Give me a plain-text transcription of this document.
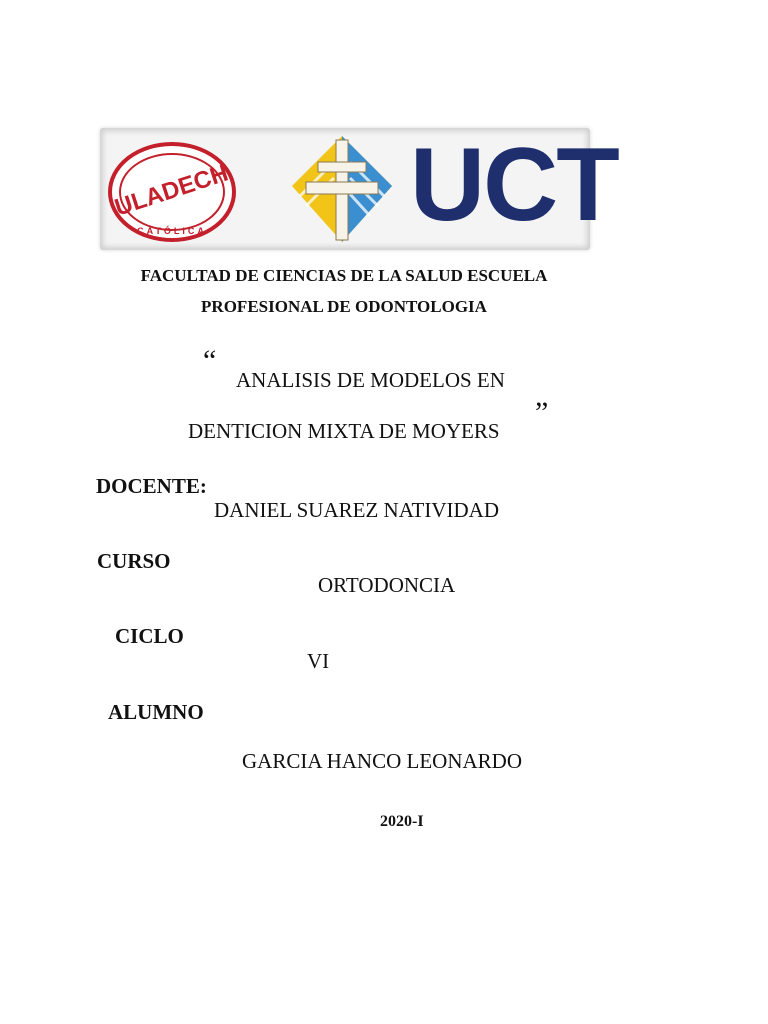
ULADECH
CATÓLICA UCT
FACULTAD DE CIENCIAS DE LA SALUD ESCUELA
PROFESIONAL DE ODONTOLOGIA
“
ANALISIS DE MODELOS EN
DENTICION MIXTA DE MOYERS
”
DOCENTE:
DANIEL SUAREZ NATIVIDAD
CURSO
ORTODONCIA
CICLO
VI
ALUMNO
GARCIA HANCO LEONARDO
2020-I
